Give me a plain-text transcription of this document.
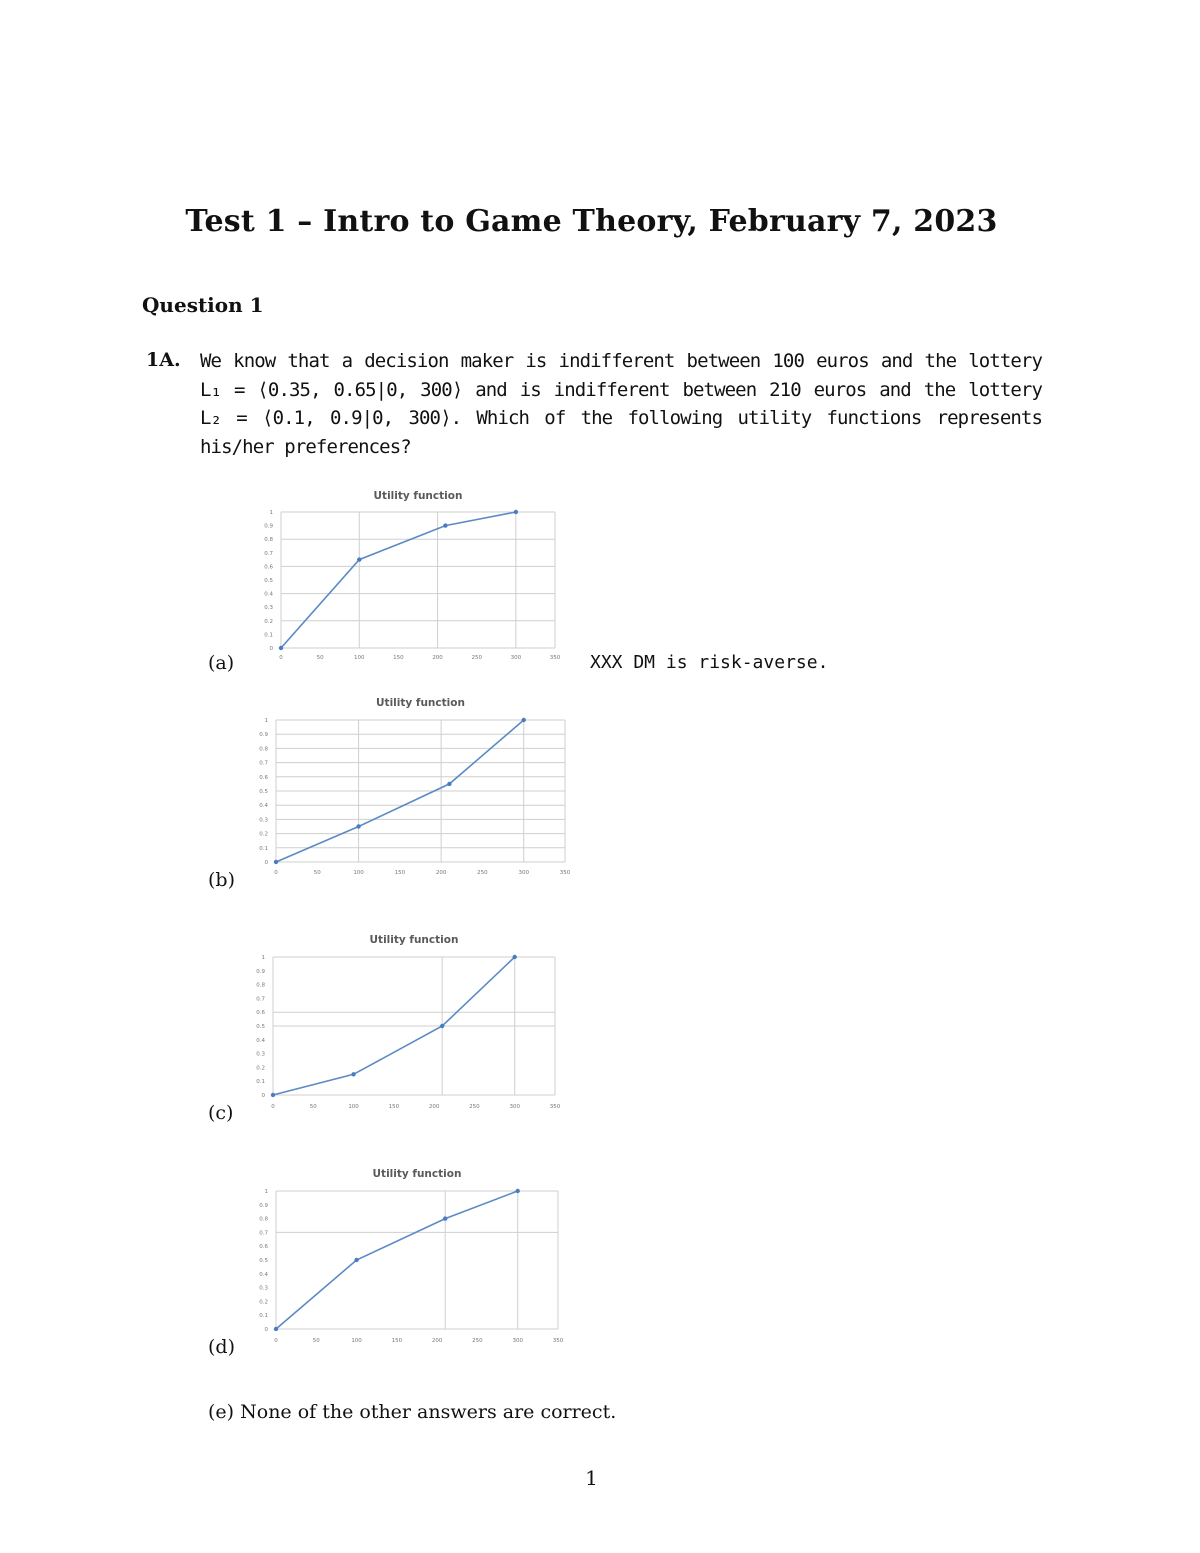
Test 1 – Intro to Game Theory, February 7, 2023
Question 1
1A. We know that a decision maker is indifferent between 100 euros and the lottery L₁ = ⟨0.35, 0.65|0, 300⟩ and is indifferent between 210 euros and the lottery L₂ = ⟨0.1, 0.9|0, 300⟩. Which of the following utility functions represents his/her preferences?
(a)
(b)
(c)
(d)
XXX DM is risk-averse.
Utility function
0
0.1
0.2
0.3
0.4
0.5
0.6
0.7
0.8
0.9
1
0	50	100	150	200	250	300	350
Utility function
0
0.1
0.2
0.3
0.4
0.5
0.6
0.7
0.8
0.9
1
0	50	100	150	200	250	300	350
Utility function
0
0.1
0.2
0.3
0.4
0.5
0.6
0.7
0.8
0.9
1
0	50	100	150	200	250	300	350
Utility function
0
0.1
0.2
0.3
0.4
0.5
0.6
0.7
0.8
0.9
1
0	50	100	150	200	250	300	350
(e) None of the other answers are correct.
1
